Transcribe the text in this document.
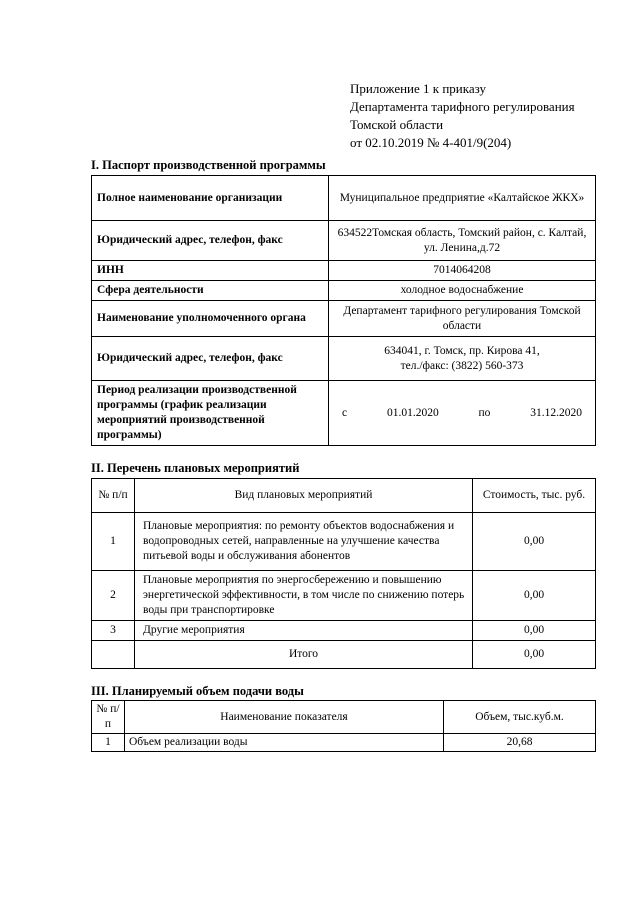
Приложение 1 к приказу
Департамента тарифного регулирования
Томской области
от 02.10.2019 № 4-401/9(204)
I. Паспорт производственной программы
Полное наименование организации	Муниципальное предприятие «Калтайское ЖКХ»
Юридический адрес, телефон, факс	634522Томская область, Томский район, с. Калтай, ул. Ленина,д.72
ИНН	7014064208
Сфера деятельности	холодное водоснабжение
Наименование уполномоченного органа	Департамент тарифного регулирования Томской области
Юридический адрес, телефон, факс	634041, г. Томск, пр. Кирова 41,
тел./факс: (3822) 560-373

Период реализации производственной программы (график реализации мероприятий производственной программы)	с 01.01.2020 по 31.12.2020
II. Перечень плановых мероприятий
№ п/п	Вид плановых мероприятий	Стоимость, тыс. руб.
1	Плановые мероприятия: по ремонту объектов водоснабжения и водопроводных сетей, направленные на улучшение качества питьевой воды и обслуживания абонентов	0,00
2	Плановые мероприятия по энергосбережению и повышению энергетической эффективности, в том числе по снижению потерь воды при транспортировке	0,00
3	Другие мероприятия	0,00
	Итого	0,00
III. Планируемый объем подачи воды
№ п/п	Наименование показателя	Объем, тыс.куб.м.
1	Объем реализации воды	20,68
